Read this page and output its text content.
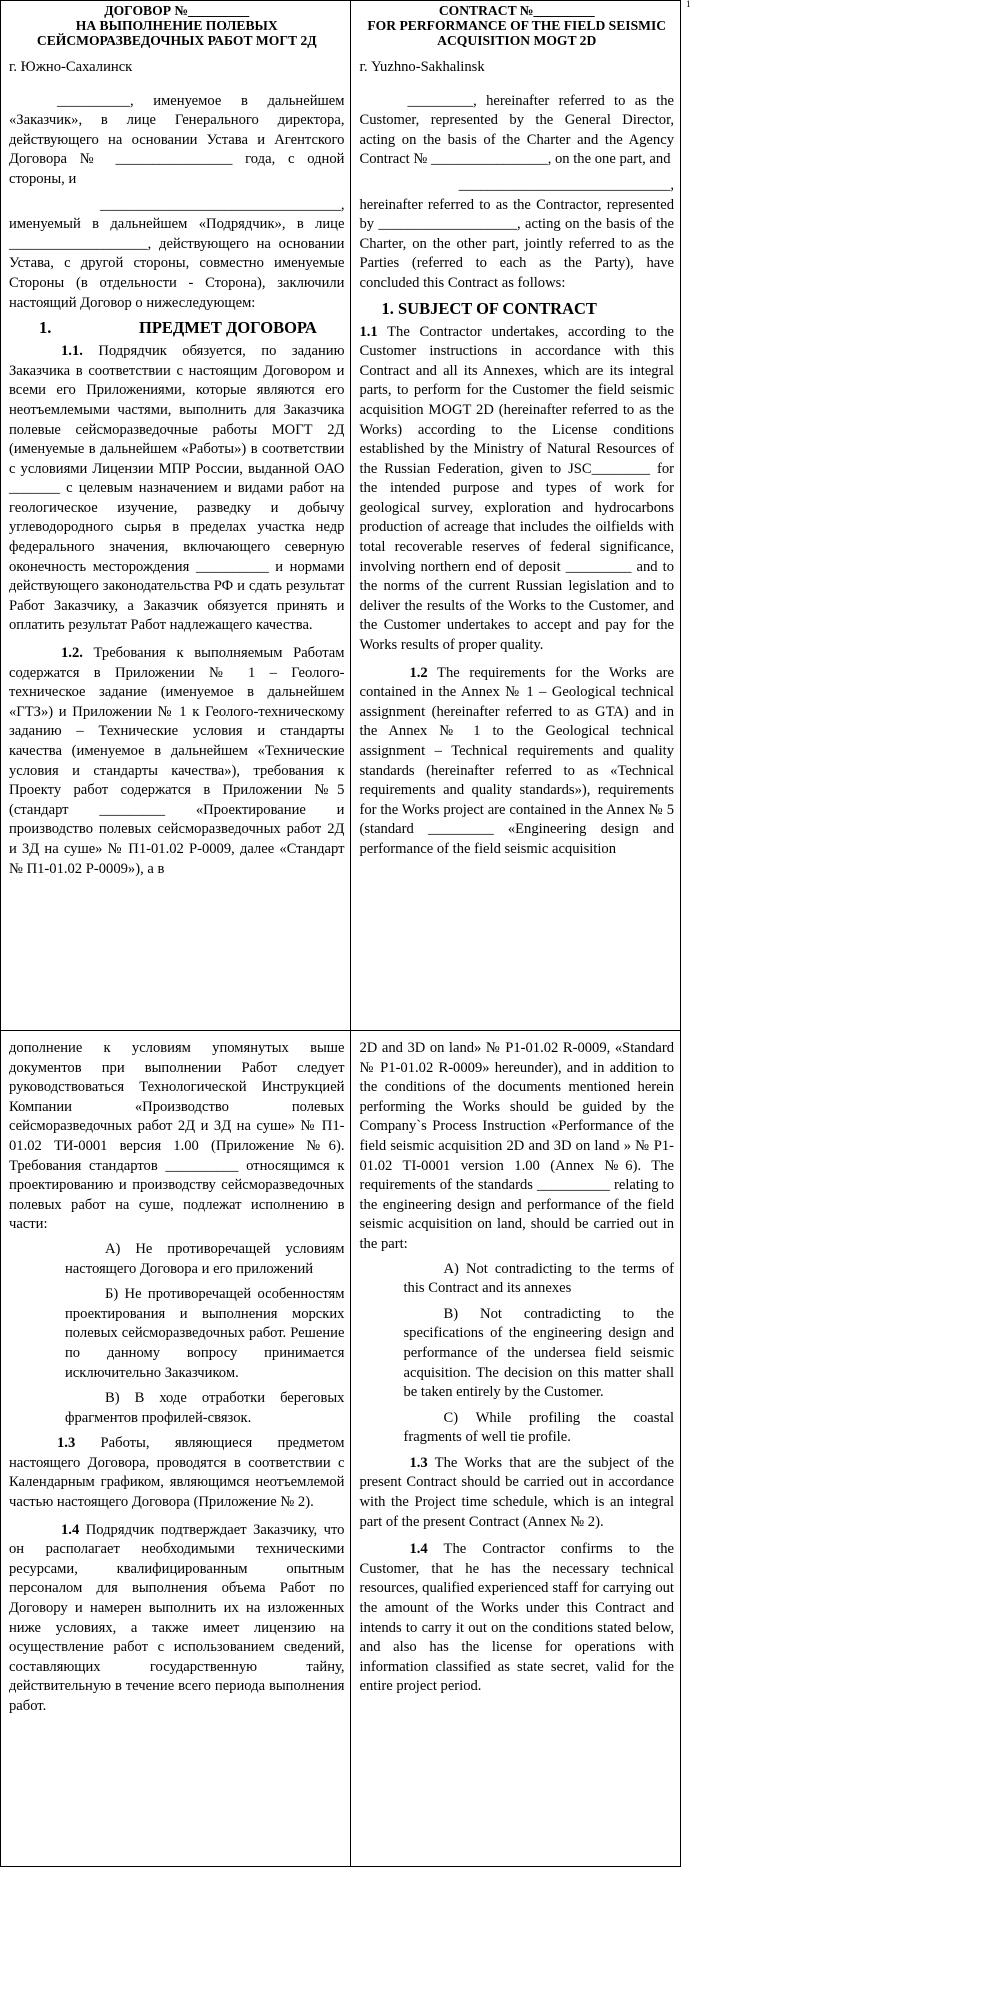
1
ДОГОВОР №_________
НА ВЫПОЛНЕНИЕ ПОЛЕВЫХ
СЕЙСМОРАЗВЕДОЧНЫХ РАБОТ МОГТ 2Д
г. Южно-Сахалинск

__________, именуемое в дальнейшем «Заказчик», в лице Генерального директора, действующего на основании Устава и Агентского Договора № ________________ года, с одной стороны, и

_________________________________,

именуемый в дальнейшем «Подрядчик», в лице ___________________, действующего на основании Устава, с другой стороны, совместно именуемые Стороны (в отдельности - Сторона), заключили настоящий Договор о нижеследующем:

1.	ПРЕДМЕТ ДОГОВОРА

1.1. Подрядчик обязуется, по заданию Заказчика в соответствии с настоящим Договором и всеми его Приложениями, которые являются его неотъемлемыми частями, выполнить для Заказчика полевые сейсморазведочные работы МОГТ 2Д (именуемые в дальнейшем «Работы») в соответствии с условиями Лицензии МПР России, выданной ОАО _______ с целевым назначением и видами работ на геологическое изучение, разведку и добычу углеводородного сырья в пределах участка недр федерального значения, включающего северную оконечность месторождения __________ и нормами действующего законодательства РФ и сдать результат Работ Заказчику, а Заказчик обязуется принять и оплатить результат Работ надлежащего качества.

1.2. Требования к выполняемым Работам содержатся в Приложении № 1 – Геолого-техническое задание (именуемое в дальнейшем «ГТЗ») и Приложении № 1 к Геолого-техническому заданию – Технические условия и стандарты качества (именуемое в дальнейшем «Технические условия и стандарты качества»), требования к Проекту работ содержатся в Приложении №5 (стандарт _________ «Проектирование и производство полевых сейсморазведочных работ 2Д и 3Д на суше» № П1-01.02 Р-0009, далее «Стандарт № П1-01.02 Р-0009»), а в

CONTRACT №_________
FOR PERFORMANCE OF THE FIELD SEISMIC
ACQUISITION MOGT 2D
г. Yuzhno-Sakhalinsk

_________, hereinafter referred to as the Customer, represented by the General Director, acting on the basis of the Charter and the Agency Contract № ________________, on the one part, and

_____________________________,

hereinafter referred to as the Contractor, represented by ___________________, acting on the basis of the Charter, on the other part, jointly referred to as the Parties (referred to each as the Party), have concluded this Contract as follows:

1. SUBJECT OF CONTRACT

1.1 The Contractor undertakes, according to the Customer instructions in accordance with this Contract and all its Annexes, which are its integral parts, to perform for the Customer the field seismic acquisition MOGT 2D (hereinafter referred to as the Works) according to the License conditions established by the Ministry of Natural Resources of the Russian Federation, given to JSC________ for the intended purpose and types of work for geological survey, exploration and hydrocarbons production of acreage that includes the oilfields with total recoverable reserves of federal significance, involving northern end of deposit _________ and to the norms of the current Russian legislation and to deliver the results of the Works to the Customer, and the Customer undertakes to accept and pay for the Works results of proper quality.

1.2 The requirements for the Works are contained in the Annex № 1 – Geological technical assignment (hereinafter referred to as GTA) and in the Annex № 1 to the Geological technical assignment – Technical requirements and quality standards (hereinafter referred to as «Technical requirements and quality standards»), requirements for the Works project are contained in the Annex № 5 (standard _________ «Engineering design and performance of the field seismic acquisition

дополнение к условиям упомянутых выше документов при выполнении Работ следует руководствоваться Технологической Инструкцией Компании «Производство полевых сейсморазведочных работ 2Д и 3Д на суше» № П1-01.02 ТИ-0001 версия 1.00 (Приложение №6). Требования стандартов __________ относящимся к проектированию и производству сейсморазведочных полевых работ на суше, подлежат исполнению в части:

А) Не противоречащей условиям настоящего Договора и его приложений

Б) Не противоречащей особенностям проектирования и выполнения морских полевых сейсморазведочных работ. Решение по данному вопросу принимается исключительно Заказчиком.

В) В ходе отработки береговых фрагментов профилей-связок.

1.3 Работы, являющиеся предметом настоящего Договора, проводятся в соответствии с Календарным графиком, являющимся неотъемлемой частью настоящего Договора (Приложение № 2).

1.4 Подрядчик подтверждает Заказчику, что он располагает необходимыми техническими ресурсами, квалифицированным опытным персоналом для выполнения объема Работ по Договору и намерен выполнить их на изложенных ниже условиях, а также имеет лицензию на осуществление работ с использованием сведений, составляющих государственную тайну, действительную в течение всего периода выполнения работ.

2D and 3D on land» № P1-01.02 R-0009, «Standard № P1-01.02 R-0009» hereunder), and in addition to the conditions of the documents mentioned herein performing the Works should be guided by the Company`s Process Instruction «Performance of the field seismic acquisition 2D and 3D on land » № P1-01.02 TI-0001 version 1.00 (Annex №6). The requirements of the standards __________ relating to the engineering design and performance of the field seismic acquisition on land, should be carried out in the part:

A) Not contradicting to the terms of this Contract and its annexes

B) Not contradicting to the specifications of the engineering design and performance of the undersea field seismic acquisition. The decision on this matter shall be taken entirely by the Customer.

C) While profiling the coastal fragments of well tie profile.

1.3 The Works that are the subject of the present Contract should be carried out in accordance with the Project time schedule, which is an integral part of the present Contract (Annex № 2).

1.4 The Contractor confirms to the Customer, that he has the necessary technical resources, qualified experienced staff for carrying out the amount of the Works under this Contract and intends to carry it out on the conditions stated below, and also has the license for operations with information classified as state secret, valid for the entire project period.
